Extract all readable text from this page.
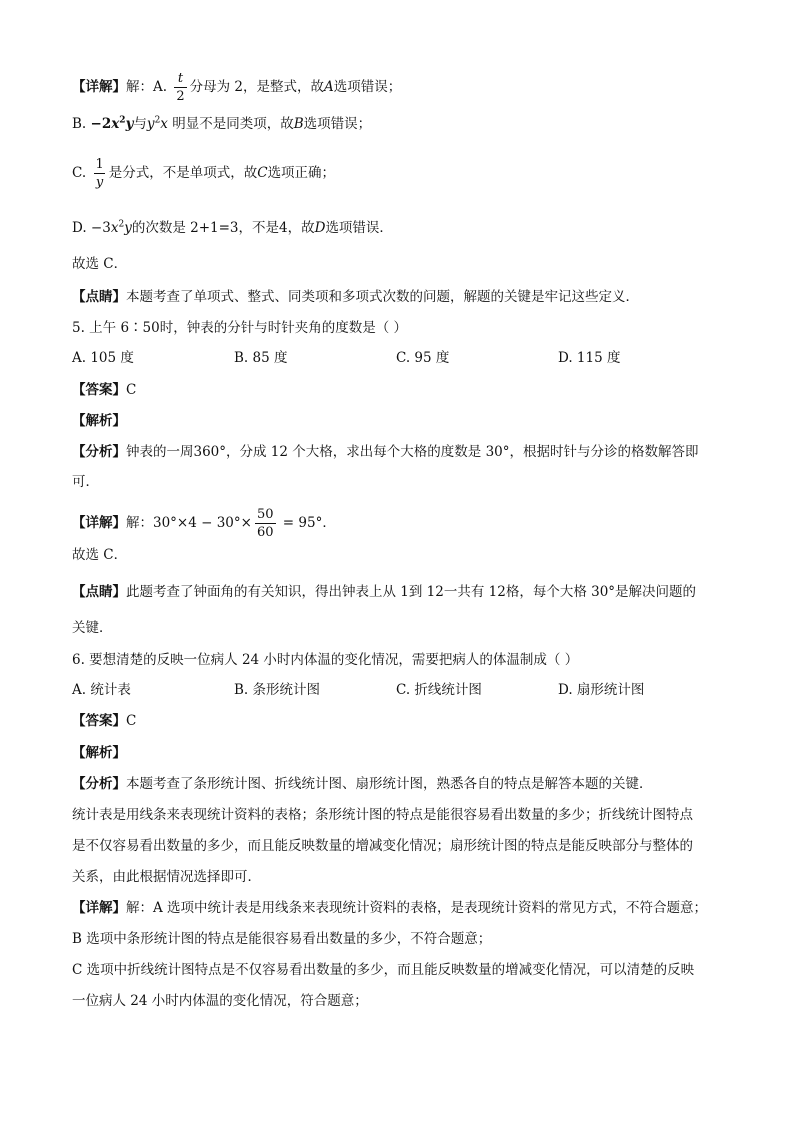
【详解】解：A. $\frac{t}{2}$ 分母为 2，是整式，故A选项错误；
B. $-2x^2y$与$y^2x$ 明显不是同类项，故B选项错误；
C. $\frac{1}{y}$ 是分式，不是单项式，故C选项正确；
D. $-3x^2y$的次数是 2+1=3，不是4，故D选项错误．
故选 C．
【点睛】本题考查了单项式、整式、同类项和多项式次数的问题，解题的关键是牢记这些定义．
5. 上午 6∶50时，钟表的分针与时针夹角的度数是（ ）
A. 105 度	B. 85 度	C. 95 度	D. 115 度
【答案】C
【解析】
【分析】钟表的一周360°，分成 12 个大格，求出每个大格的度数是 30°，根据时针与分诊的格数解答即
可．
【详解】解：$30^\circ\times 4 - 30^\circ\times \frac{50}{60} = 95^\circ$．
故选 C．
【点睛】此题考查了钟面角的有关知识，得出钟表上从 1到 12一共有 12格，每个大格 30°是解决问题的
关键．
6. 要想清楚的反映一位病人 24 小时内体温的变化情况，需要把病人的体温制成（ ）
A. 统计表	B. 条形统计图	C. 折线统计图	D. 扇形统计图
【答案】C
【解析】
【分析】本题考查了条形统计图、折线统计图、扇形统计图，熟悉各自的特点是解答本题的关键．
统计表是用线条来表现统计资料的表格；条形统计图的特点是能很容易看出数量的多少；折线统计图特点
是不仅容易看出数量的多少，而且能反映数量的增减变化情况；扇形统计图的特点是能反映部分与整体的
关系，由此根据情况选择即可．
【详解】解：A 选项中统计表是用线条来表现统计资料的表格，是表现统计资料的常见方式，不符合题意；
B 选项中条形统计图的特点是能很容易看出数量的多少，不符合题意；
C 选项中折线统计图特点是不仅容易看出数量的多少，而且能反映数量的增减变化情况，可以清楚的反映
一位病人 24 小时内体温的变化情况，符合题意；
